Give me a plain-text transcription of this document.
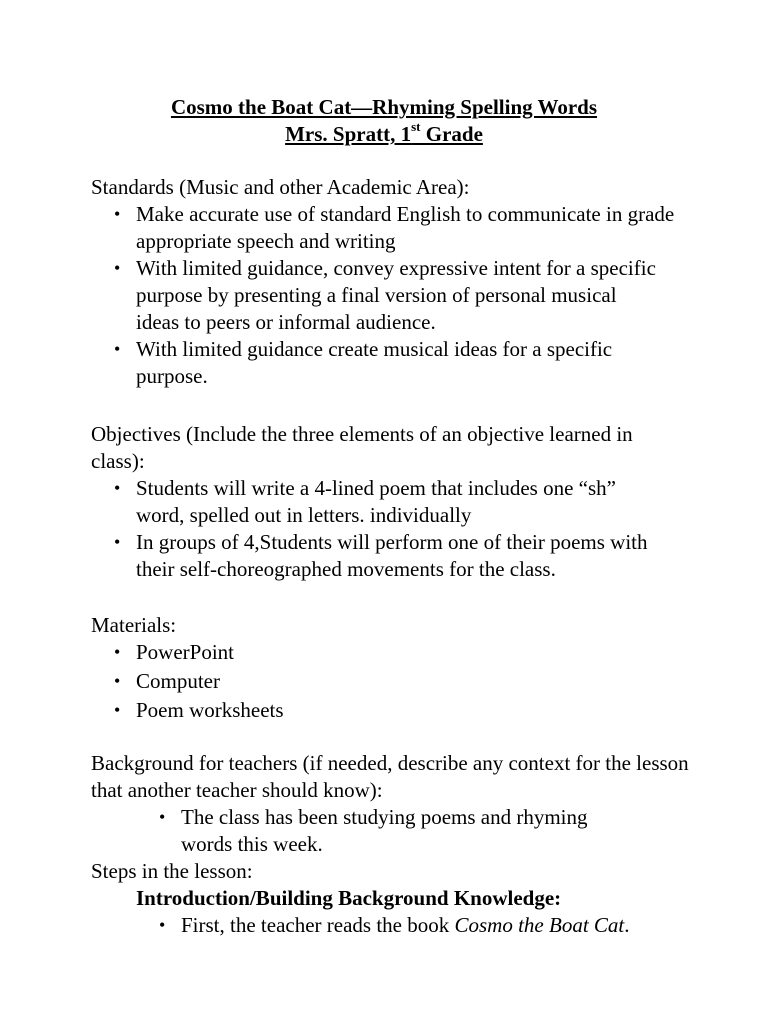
Cosmo the Boat Cat—Rhyming Spelling Words
Mrs. Spratt, 1st Grade
Standards (Music and other Academic Area):
• Make accurate use of standard English to communicate in grade appropriate speech and writing
• With limited guidance, convey expressive intent for a specific purpose by presenting a final version of personal musical ideas to peers or informal audience.
• With limited guidance create musical ideas for a specific purpose.
Objectives (Include the three elements of an objective learned in class):
• Students will write a 4-lined poem that includes one “sh” word, spelled out in letters. individually
• In groups of 4,Students will perform one of their poems with their self-choreographed movements for the class.
Materials:
• PowerPoint
• Computer
• Poem worksheets
Background for teachers (if needed, describe any context for the lesson that another teacher should know):
• The class has been studying poems and rhyming words this week.
Steps in the lesson:
Introduction/Building Background Knowledge:
• First, the teacher reads the book Cosmo the Boat Cat.
